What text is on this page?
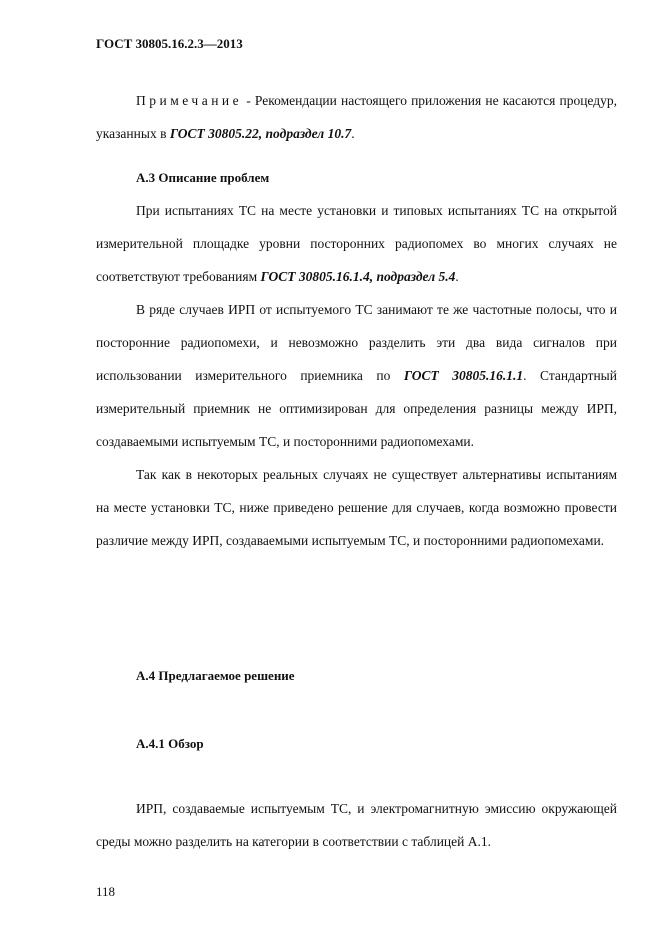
ГОСТ 30805.16.2.3—2013

Примечание - Рекомендации настоящего приложения не касаются процедур, указанных в ГОСТ 30805.22, подраздел 10.7.

А.3 Описание проблем

При испытаниях ТС на месте установки и типовых испытаниях ТС на открытой измерительной площадке уровни посторонних радиопомех во многих случаях не соответствуют требованиям ГОСТ 30805.16.1.4, подраздел 5.4.

В ряде случаев ИРП от испытуемого ТС занимают те же частотные полосы, что и посторонние радиопомехи, и невозможно разделить эти два вида сигналов при использовании измерительного приемника по ГОСТ 30805.16.1.1. Стандартный измерительный приемник не оптимизирован для определения разницы между ИРП, создаваемыми испытуемым ТС, и посторонними радиопомехами.

Так как в некоторых реальных случаях не существует альтернативы испытаниям на месте установки ТС, ниже приведено решение для случаев, когда возможно провести различие между ИРП, создаваемыми испытуемым ТС, и посторонними радиопомехами.

А.4 Предлагаемое решение
А.4.1 Обзор

ИРП, создаваемые испытуемым ТС, и электромагнитную эмиссию окружающей среды можно разделить на категории в соответствии с таблицей А.1.

118
